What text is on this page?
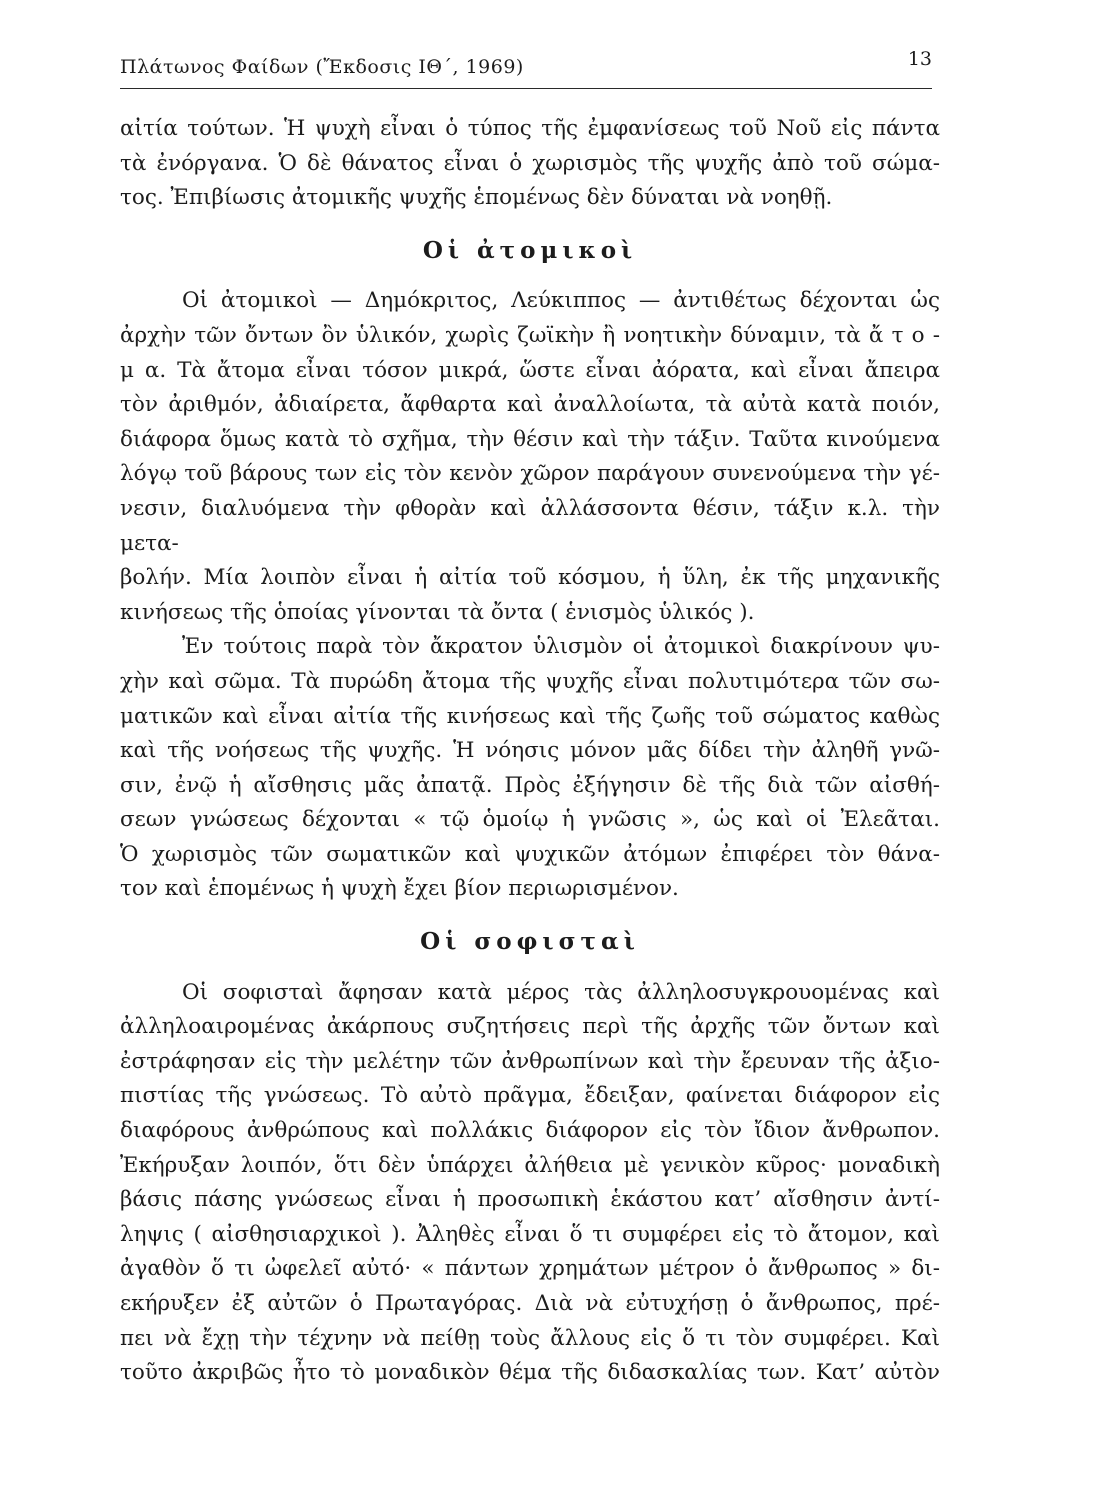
Πλάτωνος Φαίδων (Ἔκδοσις ΙΘ΄, 1969)	13
αἰτία τούτων. Ἡ ψυχὴ εἶναι ὁ τύπος τῆς ἐμφανίσεως τοῦ Νοῦ εἰς πάντα
τὰ ἐνόργανα. Ὁ δὲ θάνατος εἶναι ὁ χωρισμὸς τῆς ψυχῆς ἀπὸ τοῦ σώμα-
τος. Ἐπιβίωσις ἀτομικῆς ψυχῆς ἑπομένως δὲν δύναται νὰ νοηθῇ.
Οἱ ἀτομικοὶ
Οἱ ἀτομικοὶ — Δημόκριτος, Λεύκιππος — ἀντιθέτως δέχονται ὡς
ἀρχὴν τῶν ὄντων ὂν ὑλικόν, χωρὶς ζωϊκὴν ἢ νοητικὴν δύναμιν, τὰ ἄ τ ο -
μ α. Τὰ ἄτομα εἶναι τόσον μικρά, ὥστε εἶναι ἀόρατα, καὶ εἶναι ἄπειρα
τὸν ἀριθμόν, ἀδιαίρετα, ἄφθαρτα καὶ ἀναλλοίωτα, τὰ αὐτὰ κατὰ ποιόν,
διάφορα ὅμως κατὰ τὸ σχῆμα, τὴν θέσιν καὶ τὴν τάξιν. Ταῦτα κινούμενα
λόγῳ τοῦ βάρους των εἰς τὸν κενὸν χῶρον παράγουν συνενούμενα τὴν γέ-
νεσιν, διαλυόμενα τὴν φθορὰν καὶ ἀλλάσσοντα θέσιν, τάξιν κ.λ. τὴν μετα-
βολήν. Μία λοιπὸν εἶναι ἡ αἰτία τοῦ κόσμου, ἡ ὕλη, ἐκ τῆς μηχανικῆς
κινήσεως τῆς ὁποίας γίνονται τὰ ὄντα ( ἑνισμὸς ὑλικός ).
Ἐν τούτοις παρὰ τὸν ἄκρατον ὑλισμὸν οἱ ἀτομικοὶ διακρίνουν ψυ-
χὴν καὶ σῶμα. Τὰ πυρώδη ἄτομα τῆς ψυχῆς εἶναι πολυτιμότερα τῶν σω-
ματικῶν καὶ εἶναι αἰτία τῆς κινήσεως καὶ τῆς ζωῆς τοῦ σώματος καθὼς
καὶ τῆς νοήσεως τῆς ψυχῆς. Ἡ νόησις μόνον μᾶς δίδει τὴν ἀληθῆ γνῶ-
σιν, ἐνῷ ἡ αἴσθησις μᾶς ἀπατᾷ. Πρὸς ἐξήγησιν δὲ τῆς διὰ τῶν αἰσθή-
σεων γνώσεως δέχονται « τῷ ὁμοίῳ ἡ γνῶσις », ὡς καὶ οἱ Ἐλεᾶται.
Ὁ χωρισμὸς τῶν σωματικῶν καὶ ψυχικῶν ἀτόμων ἐπιφέρει τὸν θάνα-
τον καὶ ἑπομένως ἡ ψυχὴ ἔχει βίον περιωρισμένον.
Οἱ σοφισταὶ
Οἱ σοφισταὶ ἄφησαν κατὰ μέρος τὰς ἀλληλοσυγκρουομένας καὶ
ἀλληλοαιρομένας ἀκάρπους συζητήσεις περὶ τῆς ἀρχῆς τῶν ὄντων καὶ
ἐστράφησαν εἰς τὴν μελέτην τῶν ἀνθρωπίνων καὶ τὴν ἔρευναν τῆς ἀξιο-
πιστίας τῆς γνώσεως. Τὸ αὐτὸ πρᾶγμα, ἔδειξαν, φαίνεται διάφορον εἰς
διαφόρους ἀνθρώπους καὶ πολλάκις διάφορον εἰς τὸν ἴδιον ἄνθρωπον.
Ἐκήρυξαν λοιπόν, ὅτι δὲν ὑπάρχει ἀλήθεια μὲ γενικὸν κῦρος· μοναδικὴ
βάσις πάσης γνώσεως εἶναι ἡ προσωπικὴ ἑκάστου κατ’ αἴσθησιν ἀντί-
ληψις ( αἰσθησιαρχικοὶ ). Ἀληθὲς εἶναι ὅ τι συμφέρει εἰς τὸ ἄτομον, καὶ
ἀγαθὸν ὅ τι ὠφελεῖ αὐτό· « πάντων χρημάτων μέτρον ὁ ἄνθρωπος » δι-
εκήρυξεν ἐξ αὐτῶν ὁ Πρωταγόρας. Διὰ νὰ εὐτυχήσῃ ὁ ἄνθρωπος, πρέ-
πει νὰ ἔχῃ τὴν τέχνην νὰ πείθῃ τοὺς ἄλλους εἰς ὅ τι τὸν συμφέρει. Καὶ
τοῦτο ἀκριβῶς ἦτο τὸ μοναδικὸν θέμα τῆς διδασκαλίας των. Κατ’ αὐτὸν
